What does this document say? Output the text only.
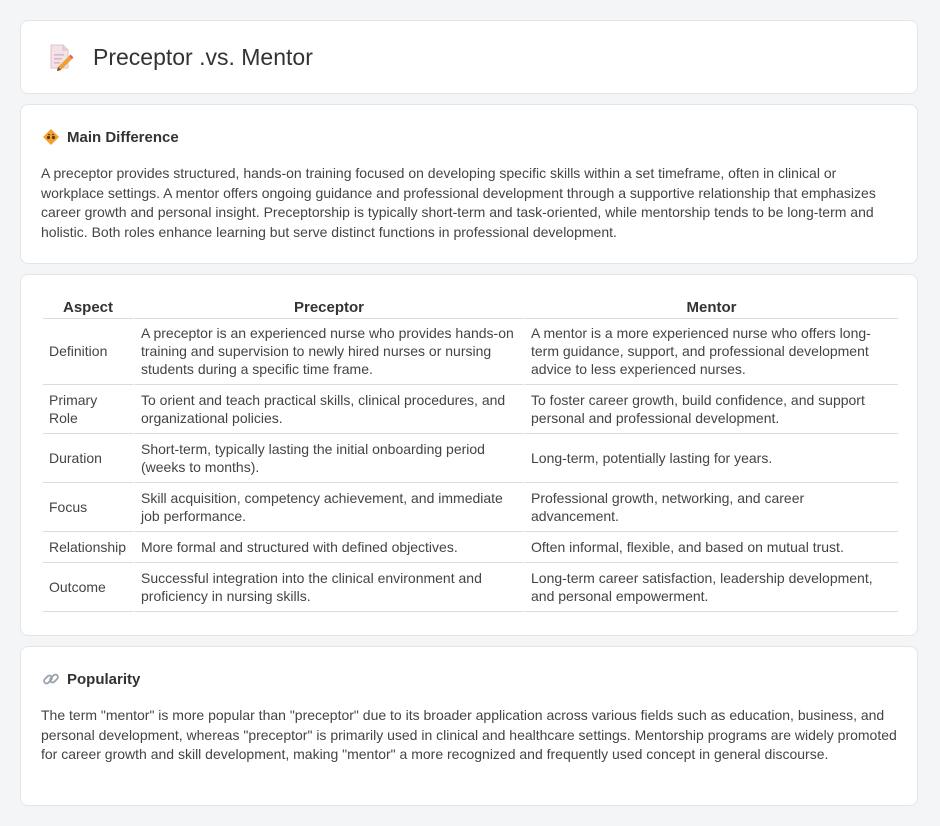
Preceptor .vs. Mentor
Main Difference

A preceptor provides structured, hands-on training focused on developing specific skills within a set timeframe, often in clinical or workplace settings. A mentor offers ongoing guidance and professional development through a supportive relationship that emphasizes career growth and personal insight. Preceptorship is typically short-term and task-oriented, while mentorship tends to be long-term and holistic. Both roles enhance learning but serve distinct functions in professional development.

Aspect	Preceptor	Mentor
Definition	A preceptor is an experienced nurse who provides hands-on training and supervision to newly hired nurses or nursing students during a specific time frame.	A mentor is a more experienced nurse who offers long-term guidance, support, and professional development advice to less experienced nurses.
Primary Role	To orient and teach practical skills, clinical procedures, and organizational policies.	To foster career growth, build confidence, and support personal and professional development.
Duration	Short-term, typically lasting the initial onboarding period (weeks to months).	Long-term, potentially lasting for years.
Focus	Skill acquisition, competency achievement, and immediate job performance.	Professional growth, networking, and career advancement.
Relationship	More formal and structured with defined objectives.	Often informal, flexible, and based on mutual trust.
Outcome	Successful integration into the clinical environment and proficiency in nursing skills.	Long-term career satisfaction, leadership development, and personal empowerment.
Popularity

The term "mentor" is more popular than "preceptor" due to its broader application across various fields such as education, business, and personal development, whereas "preceptor" is primarily used in clinical and healthcare settings. Mentorship programs are widely promoted for career growth and skill development, making "mentor" a more recognized and frequently used concept in general discourse.
